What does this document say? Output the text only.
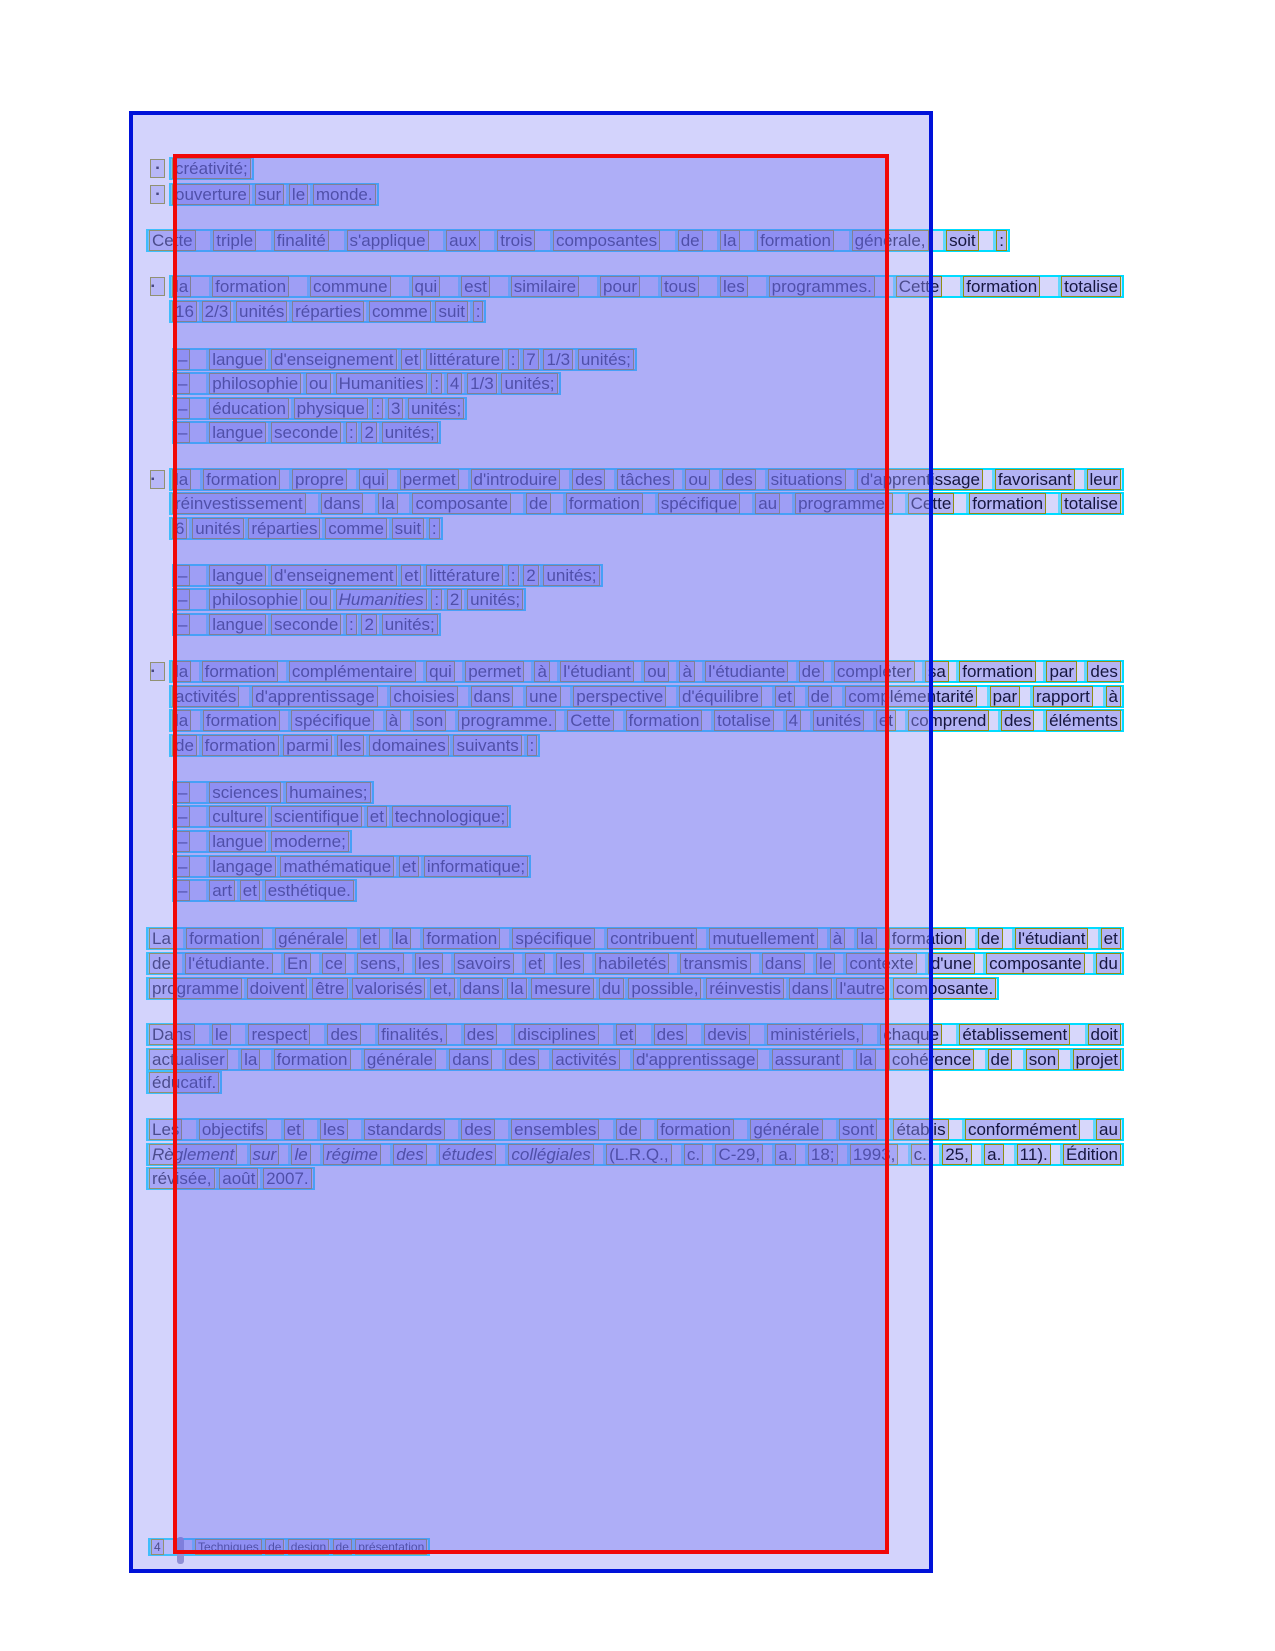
▪ créativité;
▪ ouverture sur le monde.
Cette triple finalité s'applique aux trois composantes de la formation générale, soit :
▪	la formation commune qui est similaire pour tous les programmes. Cette formation totalise
16 2/3 unités réparties comme suit :
– langue d'enseignement et littérature : 7 1/3 unités;
– philosophie ou Humanities : 4 1/3 unités;
– éducation physique : 3 unités;
– langue seconde : 2 unités;
▪	la formation propre qui permet d'introduire des tâches ou des situations d'apprentissage favorisant leur
réinvestissement dans la composante de formation spécifique au programme. Cette formation totalise
6 unités réparties comme suit :
– langue d'enseignement et littérature : 2 unités;
– philosophie ou Humanities : 2 unités;
– langue seconde : 2 unités;
▪	la formation complémentaire qui permet à l'étudiant ou à l'étudiante de compléter sa formation par des
activités d'apprentissage choisies dans une perspective d'équilibre et de complémentarité par rapport à
la formation spécifique à son programme. Cette formation totalise 4 unités et comprend des éléments
de formation parmi les domaines suivants :
– sciences humaines;
– culture scientifique et technologique;
– langue moderne;
– langage mathématique et informatique;
– art et esthétique.
La formation générale et la formation spécifique contribuent mutuellement à la formation de l'étudiant et
de l'étudiante. En ce sens, les savoirs et les habiletés transmis dans le contexte d'une composante du
programme doivent être valorisés et, dans la mesure du possible, réinvestis dans l'autre composante.
Dans le respect des finalités, des disciplines et des devis ministériels, chaque établissement doit
actualiser la formation générale dans des activités d'apprentissage assurant la cohérence de son projet
éducatif.
Les objectifs et les standards des ensembles de formation générale sont établis conformément au
Règlement sur le régime des études collégiales (L.R.Q., c. C-29, a. 18; 1993, c. 25, a. 11). Édition
révisée, août 2007.
4	Techniques de design de présentation
